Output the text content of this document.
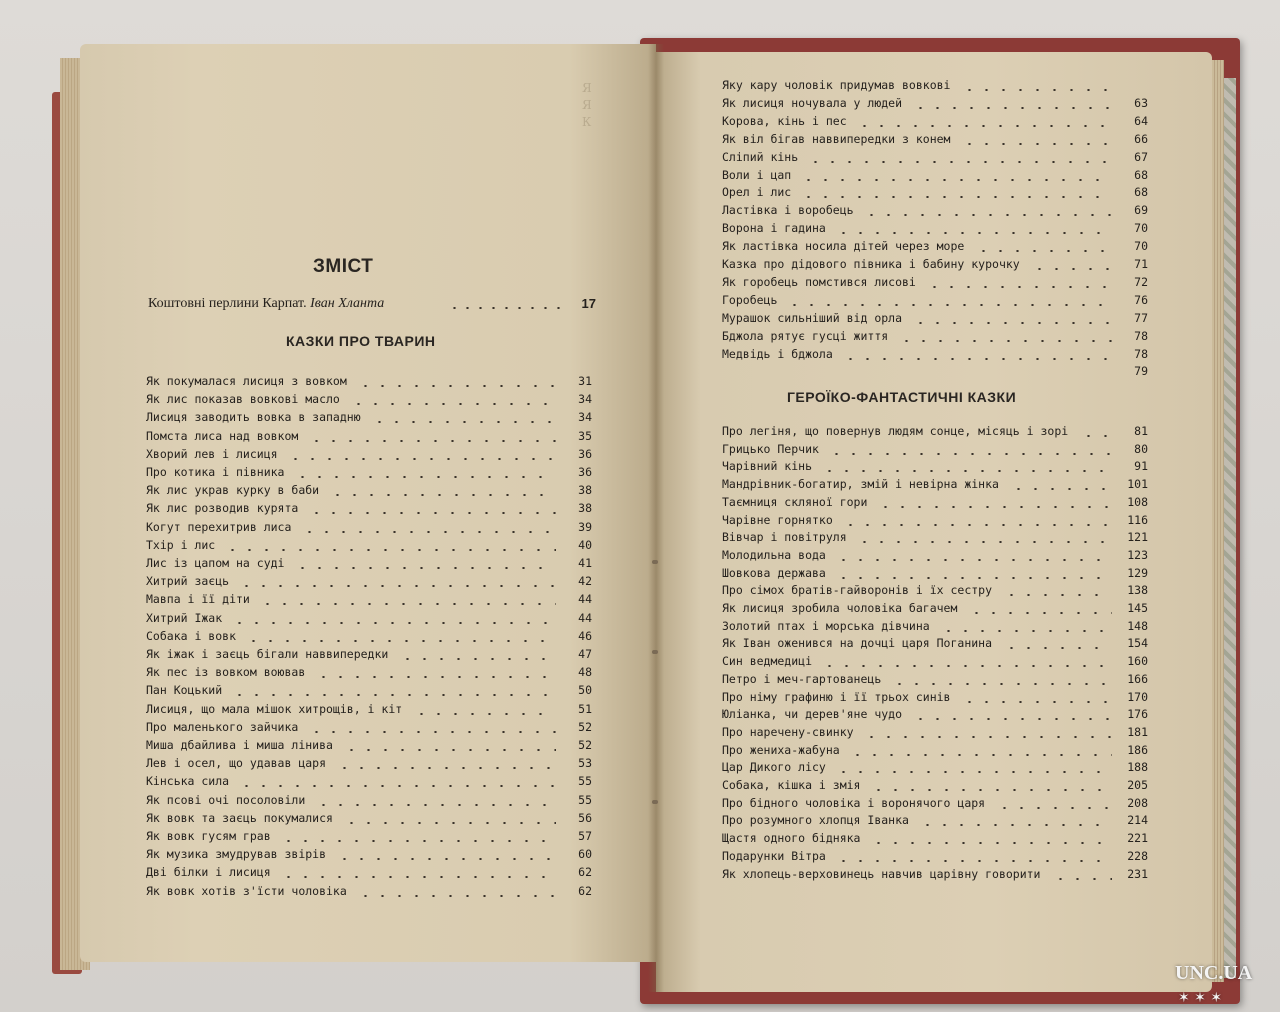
Я
Я
К
ЗМІСТ
Коштовні перлини Карпат. Іван Хланта	17
КАЗКИ ПРО ТВАРИН
Як покумалася лисиця з вовком	31
Як лис показав вовкові масло	34
Лисиця заводить вовка в западню	34
Помста лиса над вовком	35
Хворий лев і лисиця	36
Про котика і півника	36
Як лис украв курку в баби	38
Як лис розводив курята	38
Когут перехитрив лиса	39
Тхір і лис	40
Лис із цапом на суді	41
Хитрий заєць	42
Мавпа і її діти	44
Хитрий Іжак	44
Собака і вовк	46
Як іжак і заєць бігали наввипередки	47
Як пес із вовком воював	48
Пан Коцький	50
Лисиця, що мала мішок хитрощів, і кіт	51
Про маленького зайчика	52
Миша дбайлива і миша лінива	52
Лев і осел, що удавав царя	53
Кінська сила	55
Як псові очі посоловіли	55
Як вовк та заєць покумалися	56
Як вовк гусям грав	57
Як музика змудрував звірів	60
Дві білки і лисиця	62
Як вовк хотів з'їсти чоловіка	62
Яку кару чоловік придумав вовкові
Як лисиця ночувала у людей	63
Корова, кінь і пес	64
Як віл бігав наввипередки з конем	66
Сліпий кінь	67
Воли і цап	68
Орел і лис	68
Ластівка і воробець	69
Ворона і гадина	70
Як ластівка носила дітей через море	70
Казка про дідового півника і бабину курочку	71
Як горобець помстився лисові	72
Горобець	76
Мурашок сильніший від орла	77
Бджола рятує гусці життя	78
Медвідь і бджола	78
79
ГЕРОЇКО-ФАНТАСТИЧНІ КАЗКИ
Про легіня, що повернув людям сонце, місяць і зорі	81
Грицько Перчик	80
Чарівний кінь	91
Мандрівник-богатир, змій і невірна жінка	101
Таємниця скляної гори	108
Чарівне горнятко	116
Вівчар і повітруля	121
Молодильна вода	123
Шовкова держава	129
Про сімох братів-гайворонів і їх сестру	138
Як лисиця зробила чоловіка багачем	145
Золотий птах і морська дівчина	148
Як Іван оженився на дочці царя Поганина	154
Син ведмедиці	160
Петро і меч-гартованець	166
Про німу графиню і її трьох синів	170
Юліанка, чи дерев'яне чудо	176
Про наречену-свинку	181
Про жениха-жабуна	186
Цар Дикого лісу	188
Собака, кішка і змія	205
Про бідного чоловіка і воронячого царя	208
Про розумного хлопця Іванка	214
Щастя одного бідняка	221
Подарунки Вітра	228
Як хлопець-верховинець навчив царівну говорити	231
UNC.UA
✶ ✶ ✶
